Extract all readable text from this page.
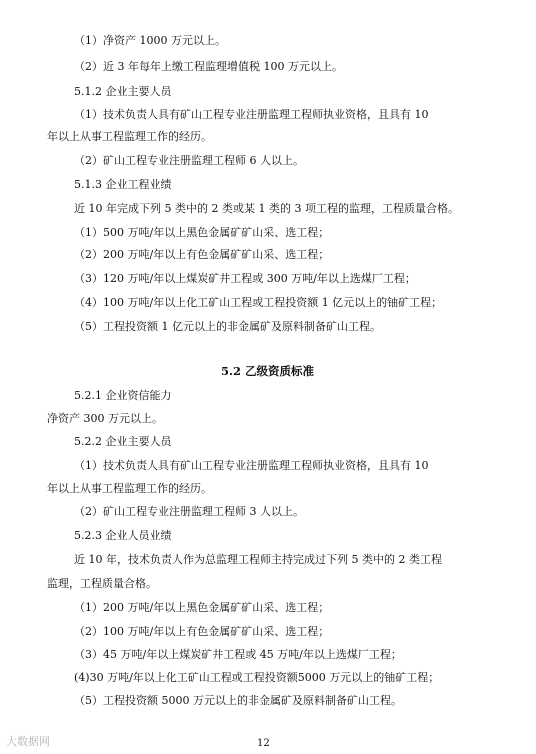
（1）净资产 1000 万元以上。
（2）近 3 年每年上缴工程监理增值税 100 万元以上。
5.1.2 企业主要人员
（1）技术负责人具有矿山工程专业注册监理工程师执业资格，且具有 10
年以上从事工程监理工作的经历。
（2）矿山工程专业注册监理工程师 6 人以上。
5.1.3 企业工程业绩
近 10 年完成下列 5 类中的 2 类或某 1 类的 3 项工程的监理，工程质量合格。
（1）500 万吨/年以上黑色金属矿矿山采、选工程；
（2）200 万吨/年以上有色金属矿矿山采、选工程；
（3）120 万吨/年以上煤炭矿井工程或 300 万吨/年以上选煤厂工程；
（4）100 万吨/年以上化工矿山工程或工程投资额 1 亿元以上的铀矿工程；
（5）工程投资额 1 亿元以上的非金属矿及原料制备矿山工程。
5.2 乙级资质标准
5.2.1 企业资信能力
净资产 300 万元以上。
5.2.2 企业主要人员
（1）技术负责人具有矿山工程专业注册监理工程师执业资格，且具有 10
年以上从事工程监理工作的经历。
（2）矿山工程专业注册监理工程师 3 人以上。
5.2.3 企业人员业绩
近 10 年，技术负责人作为总监理工程师主持完成过下列 5 类中的 2 类工程
监理，工程质量合格。
（1）200 万吨/年以上黑色金属矿矿山采、选工程；
（2）100 万吨/年以上有色金属矿矿山采、选工程；
（3）45 万吨/年以上煤炭矿井工程或 45 万吨/年以上选煤厂工程；
(4)30 万吨/年以上化工矿山工程或工程投资额5000 万元以上的铀矿工程；
（5）工程投资额 5000 万元以上的非金属矿及原料制备矿山工程。
大数据网	12
